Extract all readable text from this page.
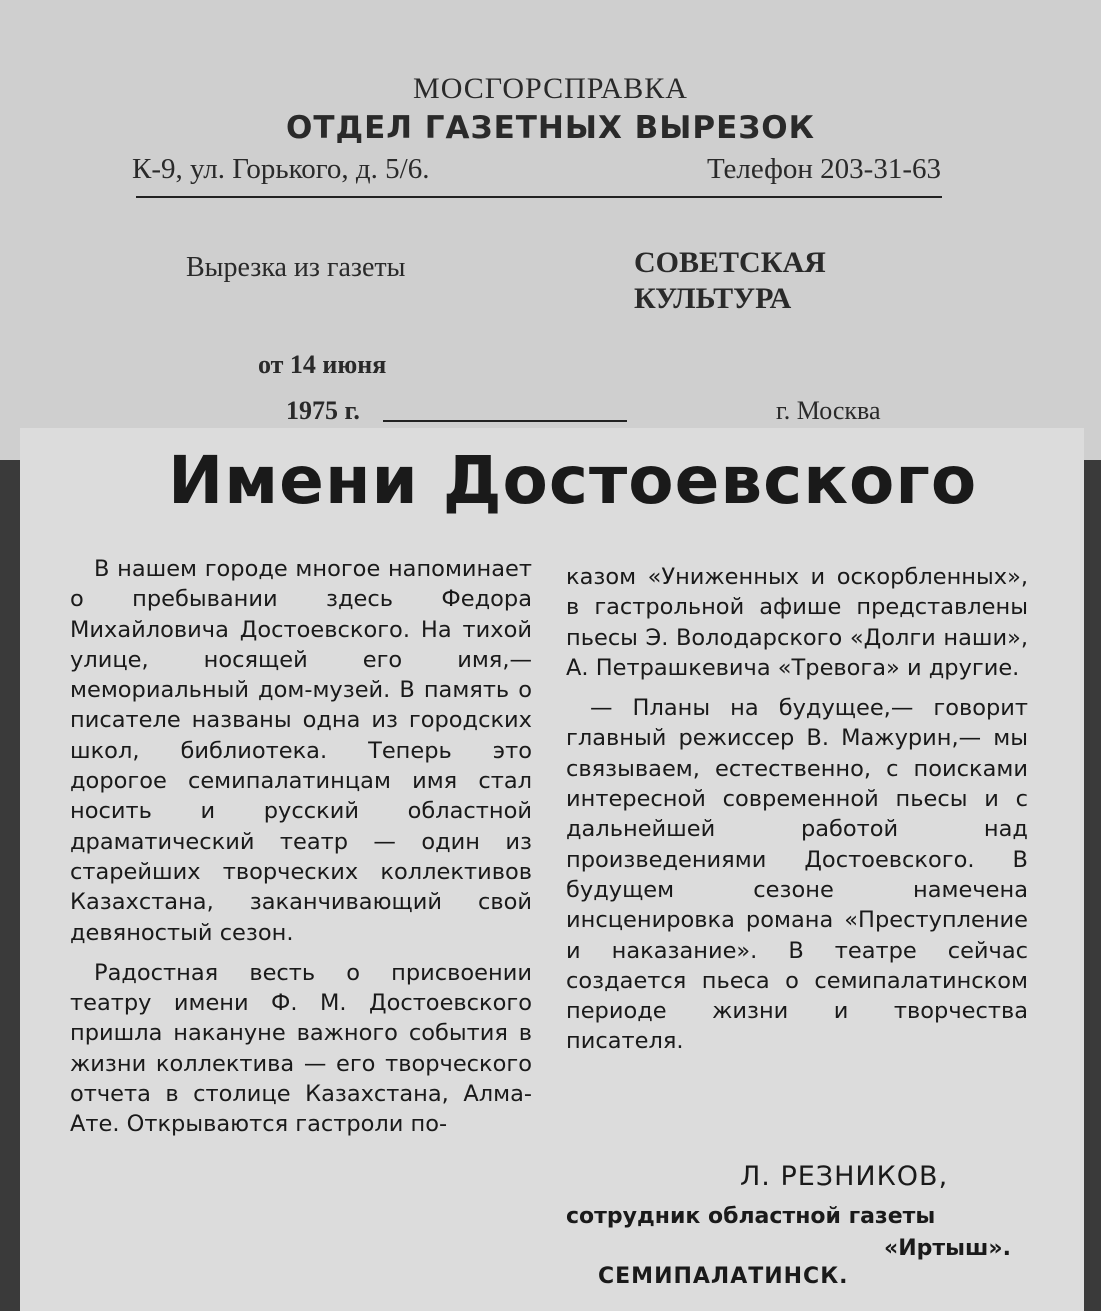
МОСГОРСПРАВКА
ОТДЕЛ ГАЗЕТНЫХ ВЫРЕЗОК
К-9, ул. Горького, д. 5/6.	Телефон 203-31-63
Вырезка из газеты	СОВЕТСКАЯ
КУЛЬТУРА
от 14 июня
1975 г.	г. Москва
Имени Достоевского

В нашем городе многое напоминает о пребывании здесь Федора Михайловича Достоевского. На тихой улице, носящей его имя,— мемориальный дом-музей. В память о писателе названы одна из городских школ, библиотека. Теперь это дорогое семипалатинцам имя стал носить и русский областной драматический театр — один из старейших творческих коллективов Казахстана, заканчивающий свой девяностый сезон.

Радостная весть о присвоении театру имени Ф. М. Достоевского пришла накануне важного события в жизни коллектива — его творческого отчета в столице Казахстана, Алма-Ате. Открываются гастроли по-

казом «Униженных и оскорбленных», в гастрольной афише представлены пьесы Э. Володарского «Долги наши», А. Петрашкевича «Тревога» и другие.

— Планы на будущее,— говорит главный режиссер В. Мажурин,— мы связываем, естественно, с поисками интересной современной пьесы и с дальнейшей работой над произведениями Достоевского. В будущем сезоне намечена инсценировка романа «Преступление и наказание». В театре сейчас создается пьеса о семипалатинском периоде жизни и творчества писателя.

Л. РЕЗНИКОВ,
сотрудник областной газеты
«Иртыш».
СЕМИПАЛАТИНСК.
